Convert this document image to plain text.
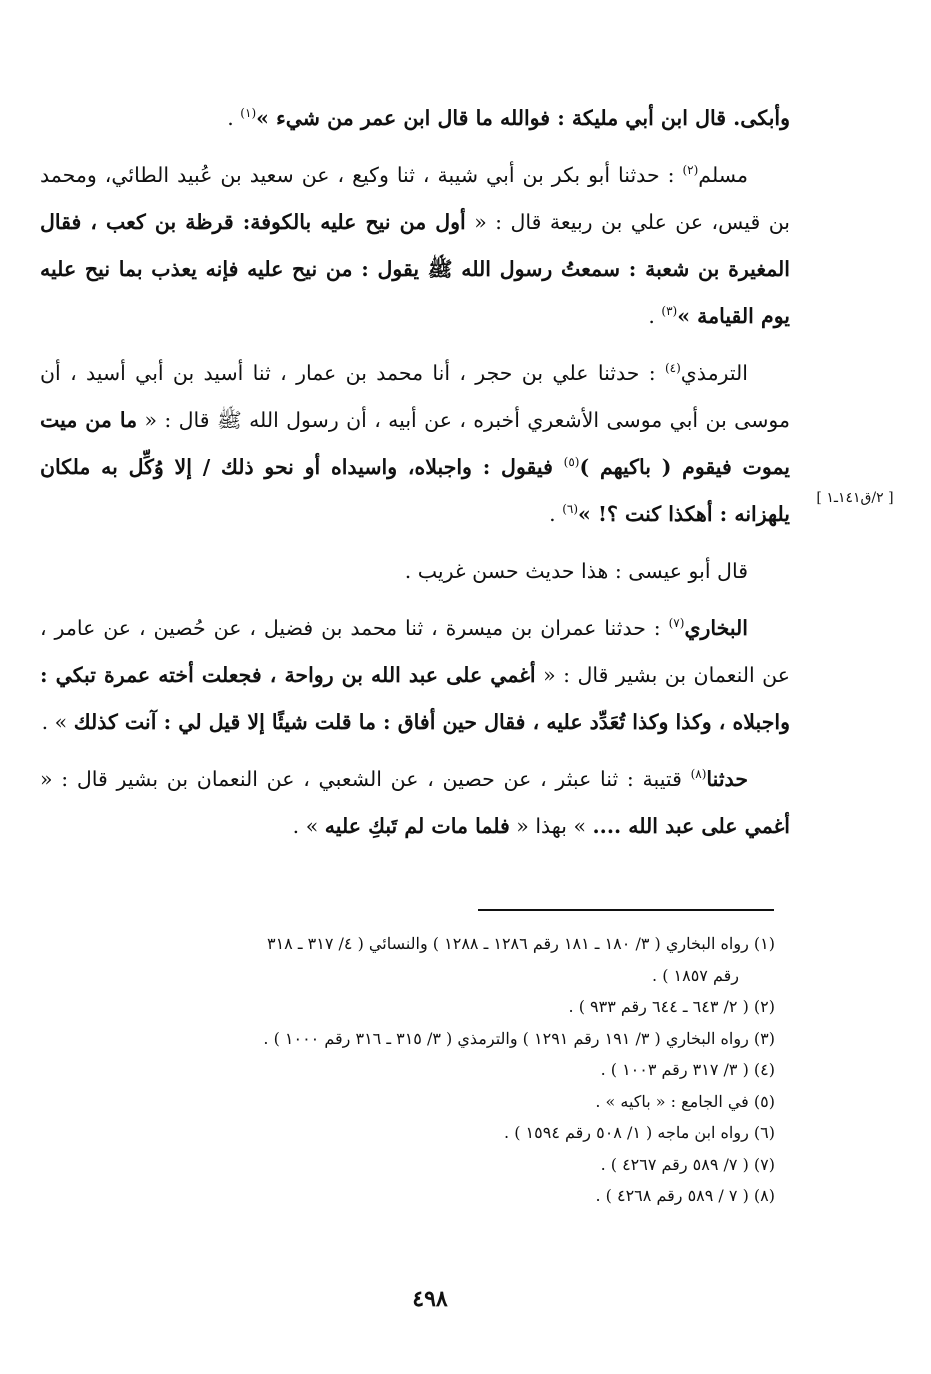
وأبكى. قال ابن أبي مليكة : فوالله ما قال ابن عمر من شيء »$^{(١)}$ .

مسلم$^{(٢)}$ : حدثنا أبو بكر بن أبي شيبة ، ثنا وكيع ، عن سعيد بن عُبيد الطائي، ومحمد بن قيس، عن علي بن ربيعة قال : « أول من نيح عليه بالكوفة: قرظة بن كعب ، فقال المغيرة بن شعبة : سمعتُ رسول الله ﷺ يقول : من نيح عليه فإنه يعذب بما نيح عليه يوم القيامة »$^{(٣)}$ .

الترمذي$^{(٤)}$ : حدثنا علي بن حجر ، أنا محمد بن عمار ، ثنا أسيد بن أبي أسيد ، أن موسى بن أبي موسى الأشعري أخبره ، عن أبيه ، أن رسول الله ﷺ قال : « ما من ميت يموت فيقوم ( باكيهم )$^{(٥)}$ فيقول : واجبلاه، واسيداه أو نحو ذلك / إلا وُكِّل به ملكان يلهزانه : أهكذا كنت ؟! »$^{(٦)}$ .

قال أبو عيسى : هذا حديث حسن غريب .

البخاري$^{(٧)}$ : حدثنا عمران بن ميسرة ، ثنا محمد بن فضيل ، عن حُصين ، عن عامر ، عن النعمان بن بشير قال : « أغمي على عبد الله بن رواحة ، فجعلت أخته عمرة تبكي : واجبلاه ، وكذا وكذا تُعَدِّد عليه ، فقال حين أفاق : ما قلت شيئًا إلا قيل لي : آنت كذلك » .

حدثنا$^{(٨)}$ قتيبة : ثنا عبثر ، عن حصين ، عن الشعبي ، عن النعمان بن بشير قال : « أغمي على عبد الله .... » بهذا « فلما مات لم تَبكِ عليه » .

[ ٢/ق١٤١ـ١ ]

(١) رواه البخاري ( ٣/ ١٨٠ ـ ١٨١ رقم ١٢٨٦ ـ ١٢٨٨ ) والنسائي ( ٤/ ٣١٧ ـ ٣١٨

رقم ١٨٥٧ ) .

(٢) ( ٢/ ٦٤٣ ـ ٦٤٤ رقم ٩٣٣ ) .

(٣) رواه البخاري ( ٣/ ١٩١ رقم ١٢٩١ ) والترمذي ( ٣/ ٣١٥ ـ ٣١٦ رقم ١٠٠٠ ) .

(٤) ( ٣/ ٣١٧ رقم ١٠٠٣ ) .

(٥) في الجامع : « باكيه » .

(٦) رواه ابن ماجه ( ١/ ٥٠٨ رقم ١٥٩٤ ) .

(٧) ( ٧/ ٥٨٩ رقم ٤٢٦٧ ) .

(٨) ( ٧ / ٥٨٩ رقم ٤٢٦٨ ) .

٤٩٨
